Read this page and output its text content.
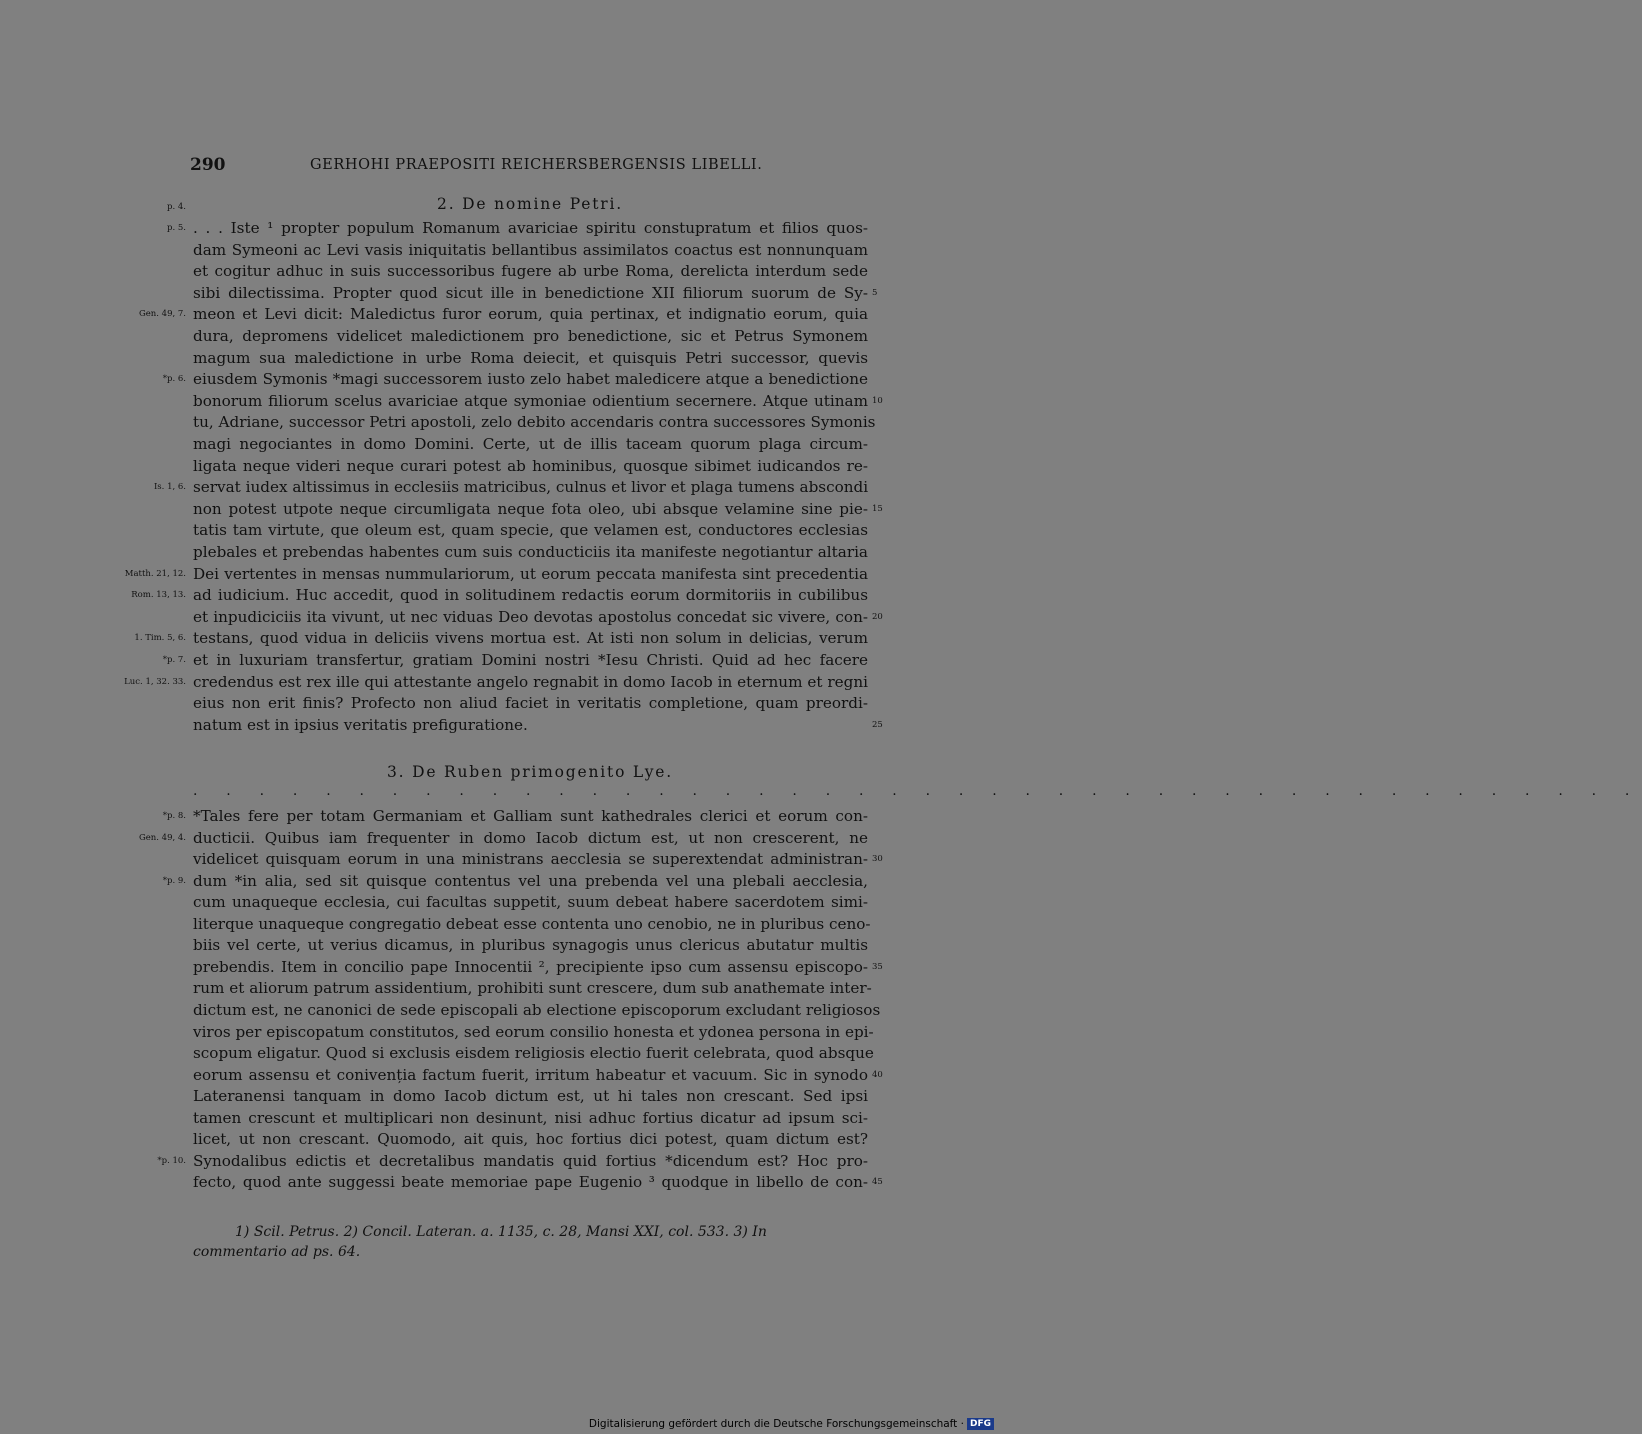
290	GERHOHI PRAEPOSITI REICHERSBERGENSIS LIBELLI.
p. 4.	2. De nomine Petri.
p. 5. . . . Iste ¹ propter populum Romanum avariciae spiritu constupratum et filios quos-
dam Symeoni ac Levi vasis iniquitatis bellantibus assimilatos coactus est nonnunquam
et cogitur adhuc in suis successoribus fugere ab urbe Roma, derelicta interdum sede
sibi dilectissima. Propter quod sicut ille in benedictione XII filiorum suorum de Sy- 5
Gen. 49, 7. meon et Levi dicit: Maledictus furor eorum, quia pertinax, et indignatio eorum, quia
dura, depromens videlicet maledictionem pro benedictione, sic et Petrus Symonem
magum sua maledictione in urbe Roma deiecit, et quisquis Petri successor, quevis
*p. 6. eiusdem Symonis *magi successorem iusto zelo habet maledicere atque a benedictione
bonorum filiorum scelus avariciae atque symoniae odientium secernere. Atque utinam 10
tu, Adriane, successor Petri apostoli, zelo debito accendaris contra successores Symonis
magi negociantes in domo Domini. Certe, ut de illis taceam quorum plaga circum-
ligata neque videri neque curari potest ab hominibus, quosque sibimet iudicandos re-
Is. 1, 6. servat iudex altissimus in ecclesiis matricibus, culnus et livor et plaga tumens abscondi
non potest utpote neque circumligata neque fota oleo, ubi absque velamine sine pie- 15
tatis tam virtute, que oleum est, quam specie, que velamen est, conductores ecclesias
plebales et prebendas habentes cum suis conducticiis ita manifeste negotiantur altaria
Matth. 21, 12. Dei vertentes in mensas nummulariorum, ut eorum peccata manifesta sint precedentia
Rom. 13, 13. ad iudicium. Huc accedit, quod in solitudinem redactis eorum dormitoriis in cubilibus
et inpudiciciis ita vivunt, ut nec viduas Deo devotas apostolus concedat sic vivere, con- 20
1. Tim. 5, 6. testans, quod vidua in deliciis vivens mortua est. At isti non solum in delicias, verum
*p. 7. et in luxuriam transfertur, gratiam Domini nostri *Iesu Christi. Quid ad hec facere
Luc. 1, 32. 33. credendus est rex ille qui attestante angelo regnabit in domo Iacob in eternum et regni
eius non erit finis? Profecto non aliud faciet in veritatis completione, quam preordi-
natum est in ipsius veritatis prefiguratione.	25
3. De Ruben primogenito Lye.
. . . . . . . . . . . . . . . . . . . . . . . . . . . . . . . . . . . . . . . . . . . .
*p. 8. *Tales fere per totam Germaniam et Galliam sunt kathedrales clerici et eorum con-
Gen. 49, 4. ducticii. Quibus iam frequenter in domo Iacob dictum est, ut non crescerent, ne
videlicet quisquam eorum in una ministrans aecclesia se superextendat administran- 30
*p. 9. dum *in alia, sed sit quisque contentus vel una prebenda vel una plebali aecclesia,
cum unaqueque ecclesia, cui facultas suppetit, suum debeat habere sacerdotem simi-
literque unaqueque congregatio debeat esse contenta uno cenobio, ne in pluribus ceno-
biis vel certe, ut verius dicamus, in pluribus synagogis unus clericus abutatur multis
prebendis. Item in concilio pape Innocentii ², precipiente ipso cum assensu episcopo- 35
rum et aliorum patrum assidentium, prohibiti sunt crescere, dum sub anathemate inter-
dictum est, ne canonici de sede episcopali ab electione episcoporum excludant religiosos
viros per episcopatum constitutos, sed eorum consilio honesta et ydonea persona in epi-
scopum eligatur. Quod si exclusis eisdem religiosis electio fuerit celebrata, quod absque
eorum assensu et conivenția factum fuerit, irritum habeatur et vacuum. Sic in synodo 40
Lateranensi tanquam in domo Iacob dictum est, ut hi tales non crescant. Sed ipsi
tamen crescunt et multiplicari non desinunt, nisi adhuc fortius dicatur ad ipsum sci-
licet, ut non crescant. Quomodo, ait quis, hoc fortius dici potest, quam dictum est?
*p. 10. Synodalibus edictis et decretalibus mandatis quid fortius *dicendum est? Hoc pro-
fecto, quod ante suggessi beate memoriae pape Eugenio ³ quodque in libello de con- 45
1) Scil. Petrus. 2) Concil. Lateran. a. 1135, c. 28, Mansi XXI, col. 533. 3) In
commentario ad ps. 64.
Digitalisierung gefördert durch die Deutsche Forschungsgemeinschaft · DFG
